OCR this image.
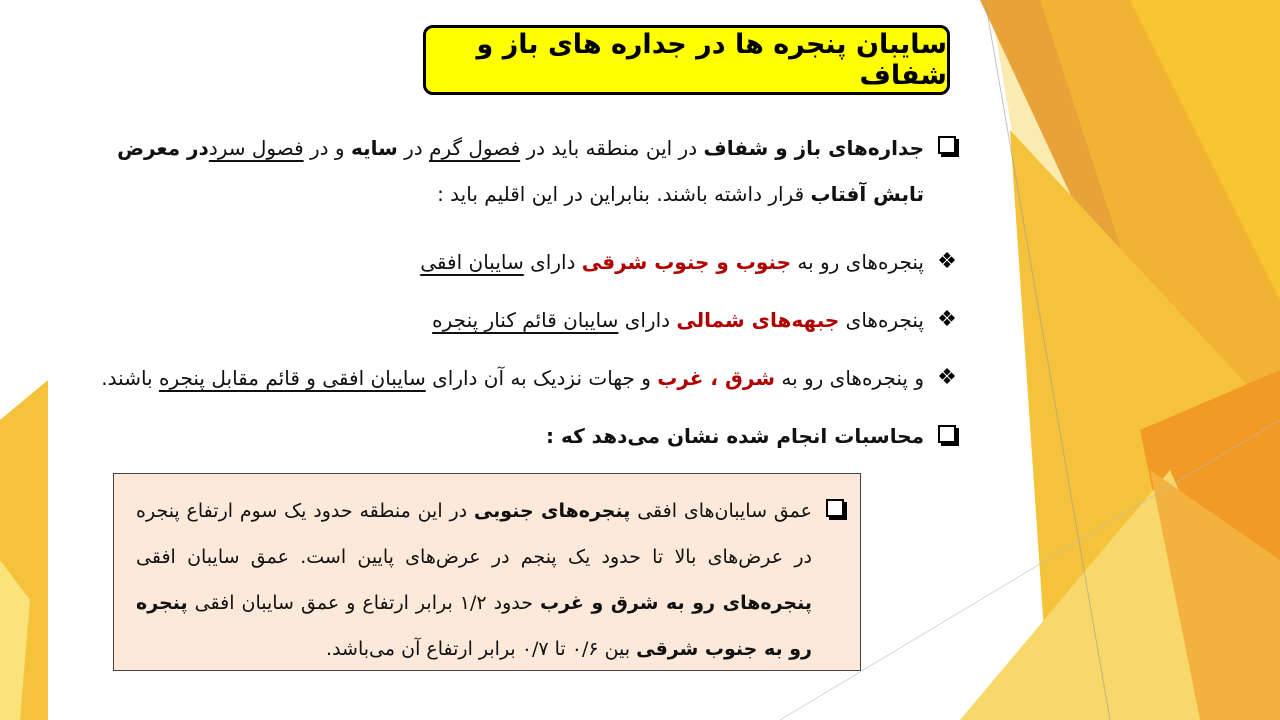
سایبان پنجره ها در جداره های باز و شفاف
جداره‌های باز و شفاف در این منطقه باید در فصول گرم در سایه و در فصول سرددر معرض تابش آفتاب قرار داشته باشند. بنابراین در این اقلیم باید :
❖
پنجره‌های رو به جنوب و جنوب شرقی دارای سایبان افقی
❖
پنجره‌های جبهه‌های شمالی دارای سایبان قائم کنار پنجره
❖
و پنجره‌های رو به شرق ، غرب و جهات نزدیک به آن دارای سایبان افقی و قائم مقابل پنجره باشند.
محاسبات انجام شده نشان می‌دهد که :
عمق سایبان‌های افقی پنجره‌های جنوبی در این منطقه حدود یک سوم ارتفاع پنجره در عرض‌های بالا تا حدود یک پنجم در عرض‌های پایین است. عمق سایبان افقی پنجره‌های رو به شرق و غرب حدود ۱/۲ برابر ارتفاع و عمق سایبان افقی پنجره رو به جنوب شرقی بین ۰/۶ تا ۰/۷ برابر ارتفاع آن می‌باشد.
